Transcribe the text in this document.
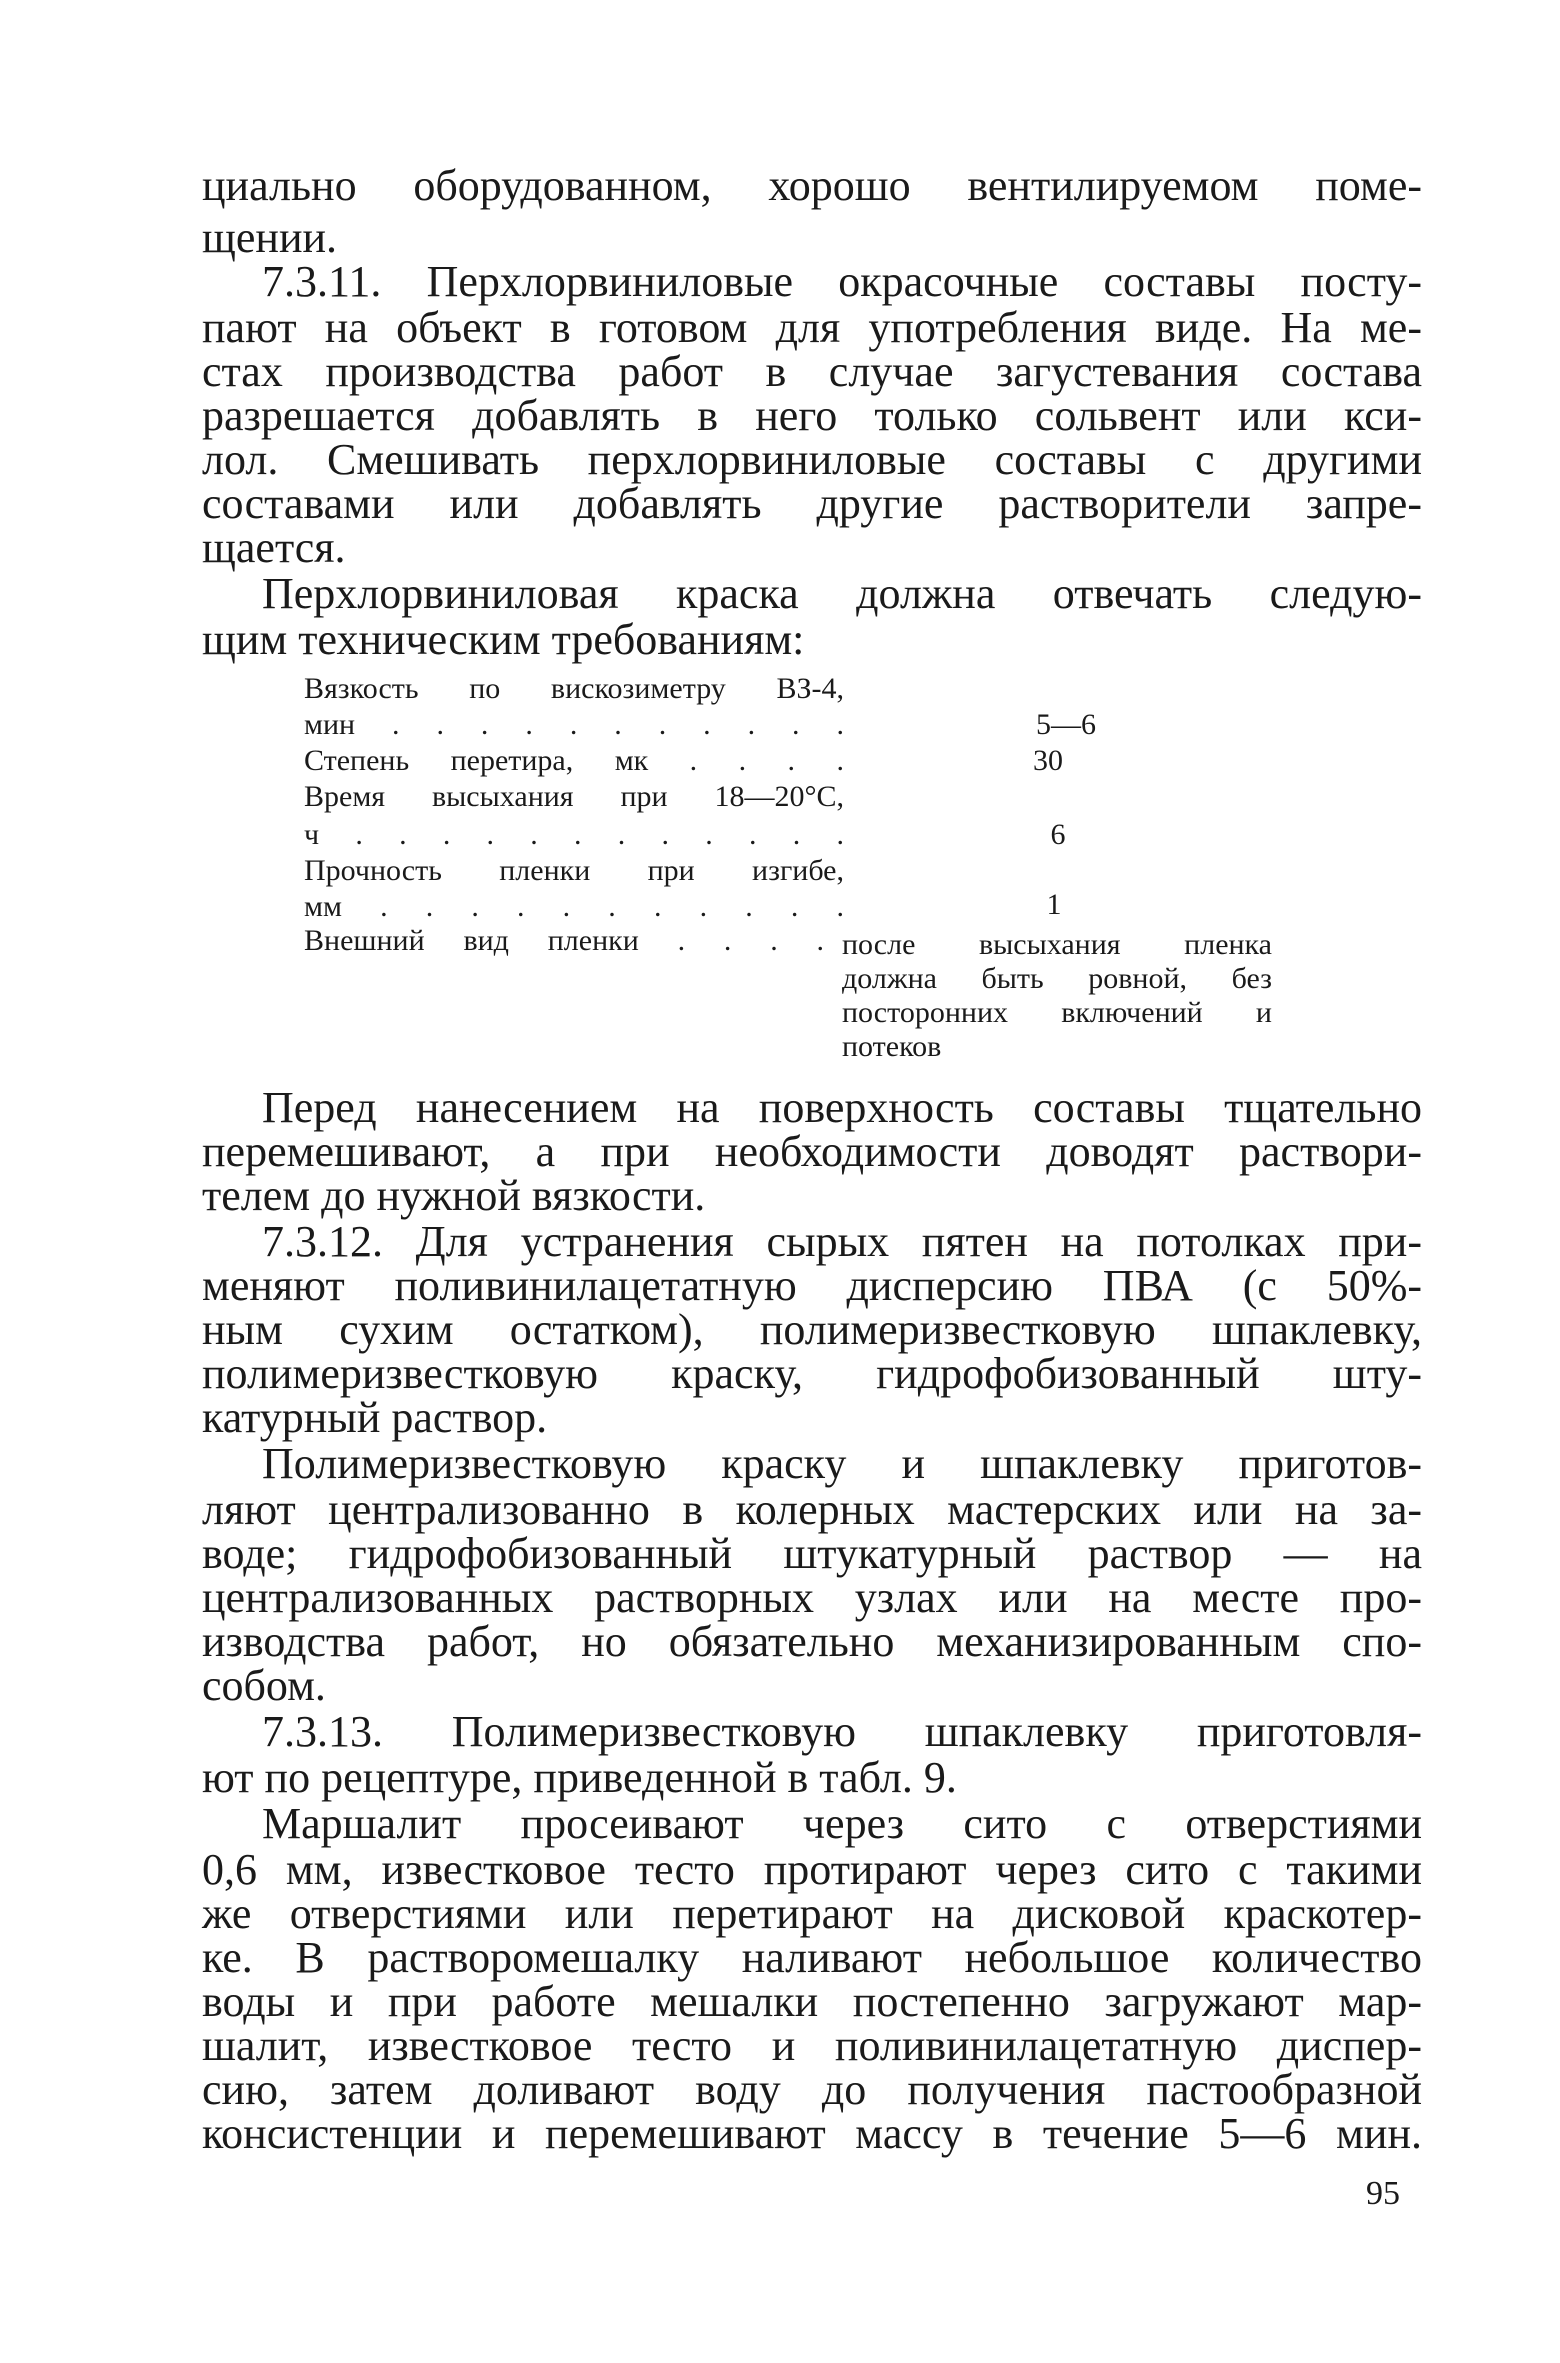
циально оборудованном, хорошо вентилируемом поме-
щении.
7.3.11. Перхлорвиниловые окрасочные составы посту-
пают на объект в готовом для употребления виде. На ме-
стах производства работ в случае загустевания состава
разрешается добавлять в него только сольвент или кси-
лол. Смешивать перхлорвиниловые составы с другими
составами или добавлять другие растворители запре-
щается.
Перхлорвиниловая краска должна отвечать следую-
щим техническим требованиям:
Вязкость по вискозиметру ВЗ-4,
мин . . . . . . . . . . .	5—6
Степень перетира, мк . . . .	30
Время высыхания при 18—20°С,
ч . . . . . . . . . . . .	6
Прочность пленки при изгибе,
мм . . . . . . . . . . .	1
Внешний вид пленки . . . . после высыхания пленка
должна быть ровной, без
посторонних включений и
потеков
Перед нанесением на поверхность составы тщательно
перемешивают, а при необходимости доводят раствори-
телем до нужной вязкости.
7.3.12. Для устранения сырых пятен на потолках при-
меняют поливинилацетатную дисперсию ПВА (с 50%-
ным сухим остатком), полимеризвестковую шпаклевку,
полимеризвестковую краску, гидрофобизованный шту-
катурный раствор.
Полимеризвестковую краску и шпаклевку приготов-
ляют централизованно в колерных мастерских или на за-
воде; гидрофобизованный штукатурный раствор — на
централизованных растворных узлах или на месте про-
изводства работ, но обязательно механизированным спо-
собом.
7.3.13. Полимеризвестковую шпаклевку приготовля-
ют по рецептуре, приведенной в табл. 9.
Маршалит просеивают через сито с отверстиями
0,6 мм, известковое тесто протирают через сито с такими
же отверстиями или перетирают на дисковой краскотер-
ке. В растворомешалку наливают небольшое количество
воды и при работе мешалки постепенно загружают мар-
шалит, известковое тесто и поливинилацетатную диспер-
сию, затем доливают воду до получения пастообразной
консистенции и перемешивают массу в течение 5—6 мин.
95
